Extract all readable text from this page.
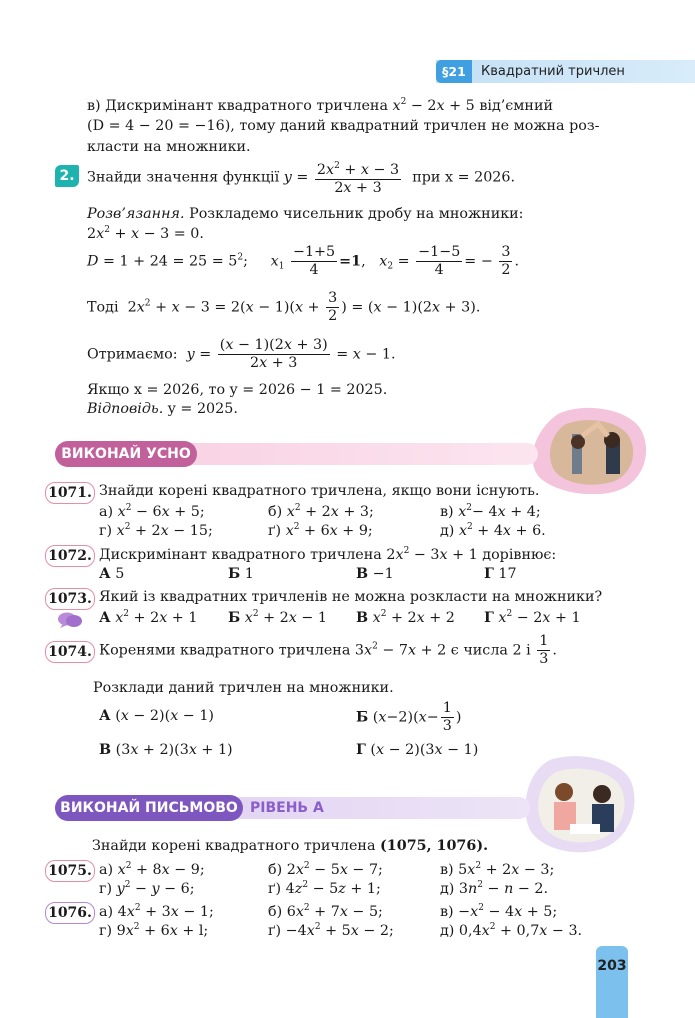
§21	Квадратний тричлен
в) Дискримінант квадратного тричлена $x^2 - 2x + 5$ від’ємний
(D = 4 − 20 = −16), тому даний квадратний тричлен не можна роз-
класти на множники.
2. Знайди значення функції $y = \frac{2x^2 + x - 3}{2x + 3}$ при x = 2026.
Розв’язання. Розкладемо чисельник дробу на множники:
$2x^2 + x - 3 = 0$.
$D = 1 + 24 = 25 = 5^2$;     $x_1 \frac{-1+5}{4} =1$,   $x_2 = \frac{-1-5}{4}$ = − $\frac{3}{2}$ .
Тоді  $2x^2 + x - 3 = 2(x - 1)(x + \frac{3}{2}$ ) = (x − 1)(2x + 3).
Отримаємо: $y = \frac{(x - 1)(2x + 3)}{2x + 3} = x - 1$.
Якщо x = 2026, то y = 2026 − 1 = 2025.
Відповідь. y = 2025.
ВИКОНАЙ УСНО
1071. Знайди корені квадратного тричлена, якщо вони існують.
а) $x^2 - 6x + 5$;	б) $x^2 + 2x + 3$;	в) $x^2- 4x + 4$;
г) $x^2 + 2x - 15$;	ґ) $x^2 + 6x + 9$;	д) $x^2 + 4x + 6$.
1072. Дискримінант квадратного тричлена $2x^2 - 3x + 1$ дорівнює:
А 5	Б 1	В −1	Г 17
1073. Який із квадратних тричленів не можна розкласти на множники?
А $x^2 + 2x + 1$ Б $x^2 + 2x - 1$ В $x^2 + 2x + 2$ Г $x^2 - 2x + 1$
1074. Коренями квадратного тричлена $3x^2 - 7x + 2$ є числа 2 і $\frac{1}{3}$ .
Розклади даний тричлен на множники.
А (x − 2)(x − 1)	Б $(x-2)(x- \frac{1}{3}$ )
В (3x + 2)(3x + 1)	Г (x − 2)(3x − 1)
ВИКОНАЙ ПИСЬМОВО РІВЕНЬ А
Знайди корені квадратного тричлена (1075, 1076).
1075. а) $x^2 + 8x - 9$;	б) $2x^2 - 5x - 7$;	в) $5x^2 + 2x - 3$;
г) $y^2 - y - 6$;	ґ) $4z^2 - 5z + 1$;	д) $3n^2 - n - 2$.
1076. а) $4x^2 + 3x - 1$;	б) $6x^2 + 7x - 5$;	$в) -x^2 - 4x + 5$;
г) $9x^2 + 6x + l$;	$ґ) -4x^2 + 5x - 2$;	д) $0,4x^2 + 0,7x - 3$.
203
